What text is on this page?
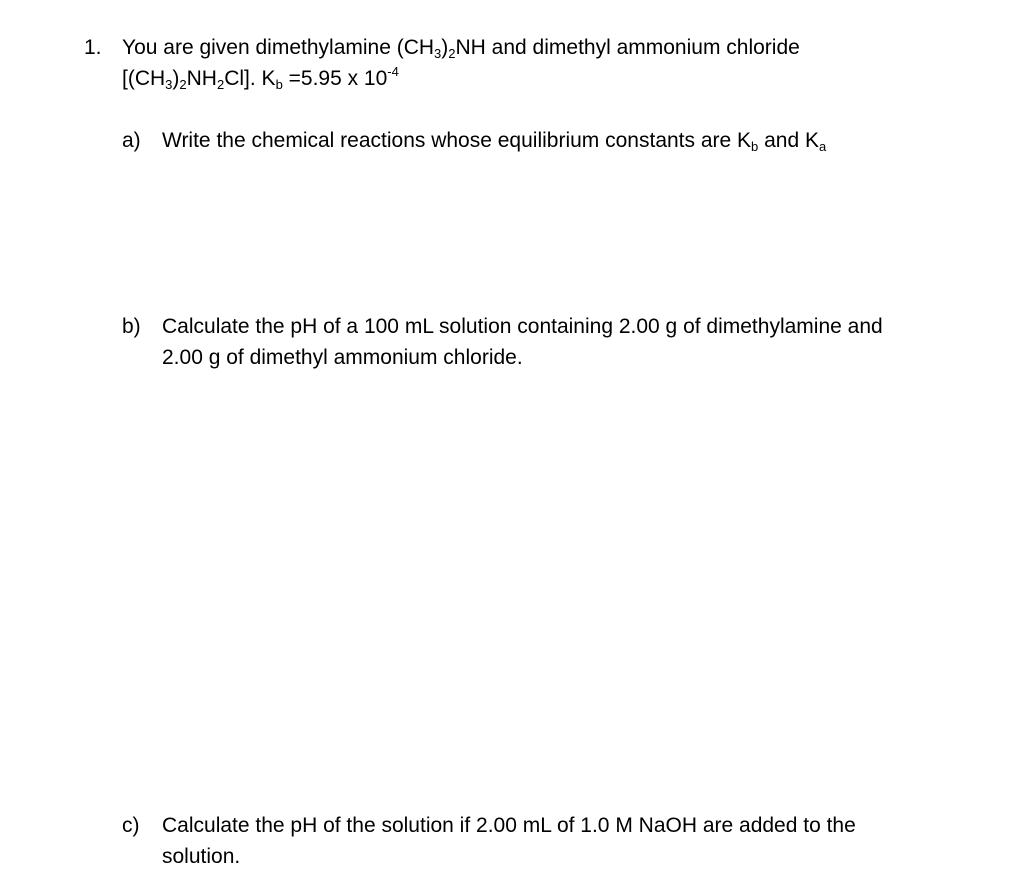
1. You are given dimethylamine $(CH_3)_2NH$ and dimethyl ammonium chloride
$[(CH_3)_2NH_2Cl]$. $K_b =5.95$ x $10^{-4}$
a) Write the chemical reactions whose equilibrium constants are $K_b$ and $K_a$
b) Calculate the pH of a 100 mL solution containing 2.00 g of dimethylamine and
2.00 g of dimethyl ammonium chloride.
c) Calculate the pH of the solution if 2.00 mL of 1.0 M NaOH are added to the
solution.
